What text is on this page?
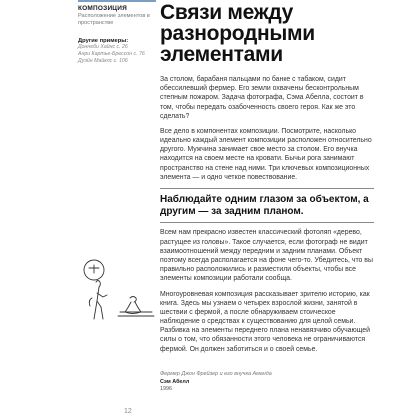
КОМПОЗИЦИЯ
Расположение элементов в пространстве
Другие примеры:
Доннеби Хайнс с. 26
Анри Картье-Брессон с. 76
Дуэйн Майклс с. 106
Связи между разнородными элементами

За столом, барабаня пальцами по банке с табаком, сидит обессилевший фермер. Его земли охвачены бесконтрольным степным пожаром. Задача фотографа, Сэма Абелла, состоит в том, чтобы передать озабоченность своего героя. Как же это сделать?

Все дело в компонентах композиции. Посмотрите, насколько идеально каждый элемент композиции расположен относительно другого. Мужчина занимает свое место за столом. Его внучка находится на своем месте на кровати. Бычьи рога занимают пространство на стене над ними. Три ключевых композиционных элемента — и одно четкое повествование.

Наблюдайте одним глазом за объектом, а другим — за задним планом.

Всем нам прекрасно известен классический фотоляп «дерево, растущее из головы». Такое случается, если фотограф не видит взаимоотношений между передним и задним планами. Объект поэтому всегда располагается на фоне чего-то. Убедитесь, что вы правильно расположились и разместили объекты, чтобы все элементы композиции работали сообща.

Многоуровневая композиция рассказывает зрителю историю, как книга. Здесь мы узнаем о четырех взрослой жизни, занятой в шествии с фермой, а после обнаруживаем стоическое наблюдение о средствах к существованию для целой семьи. Разбивка на элементы переднего плана ненавязчиво обучающей силы о том, что обязанности этого человека не ограничиваются фермой. Он должен заботиться и о своей семье.

Фермер Джон Фрейзер и его внучка Аманда
Сэм Абелл
1996
12
